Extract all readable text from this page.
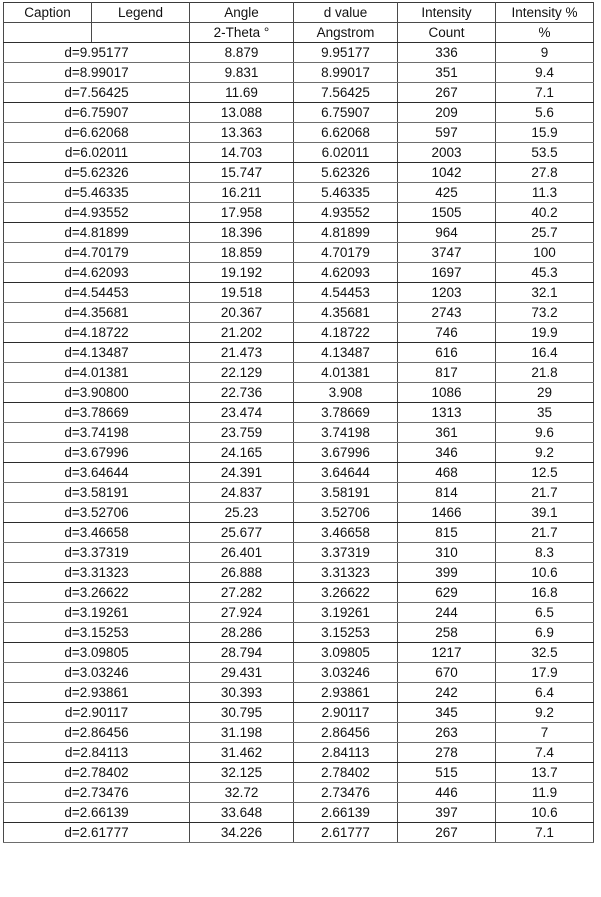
Caption	Legend	Angle	d value	Intensity	Intensity %
		2-Theta °	Angstrom	Count	%
d=9.95177		8.879	9.95177	336	9
d=8.99017		9.831	8.99017	351	9.4
d=7.56425		11.69	7.56425	267	7.1
d=6.75907		13.088	6.75907	209	5.6
d=6.62068		13.363	6.62068	597	15.9
d=6.02011		14.703	6.02011	2003	53.5
d=5.62326		15.747	5.62326	1042	27.8
d=5.46335		16.211	5.46335	425	11.3
d=4.93552		17.958	4.93552	1505	40.2
d=4.81899		18.396	4.81899	964	25.7
d=4.70179		18.859	4.70179	3747	100
d=4.62093		19.192	4.62093	1697	45.3
d=4.54453		19.518	4.54453	1203	32.1
d=4.35681		20.367	4.35681	2743	73.2
d=4.18722		21.202	4.18722	746	19.9
d=4.13487		21.473	4.13487	616	16.4
d=4.01381		22.129	4.01381	817	21.8
d=3.90800		22.736	3.908	1086	29
d=3.78669		23.474	3.78669	1313	35
d=3.74198		23.759	3.74198	361	9.6
d=3.67996		24.165	3.67996	346	9.2
d=3.64644		24.391	3.64644	468	12.5
d=3.58191		24.837	3.58191	814	21.7
d=3.52706		25.23	3.52706	1466	39.1
d=3.46658		25.677	3.46658	815	21.7
d=3.37319		26.401	3.37319	310	8.3
d=3.31323		26.888	3.31323	399	10.6
d=3.26622		27.282	3.26622	629	16.8
d=3.19261		27.924	3.19261	244	6.5
d=3.15253		28.286	3.15253	258	6.9
d=3.09805		28.794	3.09805	1217	32.5
d=3.03246		29.431	3.03246	670	17.9
d=2.93861		30.393	2.93861	242	6.4
d=2.90117		30.795	2.90117	345	9.2
d=2.86456		31.198	2.86456	263	7
d=2.84113		31.462	2.84113	278	7.4
d=2.78402		32.125	2.78402	515	13.7
d=2.73476		32.72	2.73476	446	11.9
d=2.66139		33.648	2.66139	397	10.6
d=2.61777		34.226	2.61777	267	7.1
